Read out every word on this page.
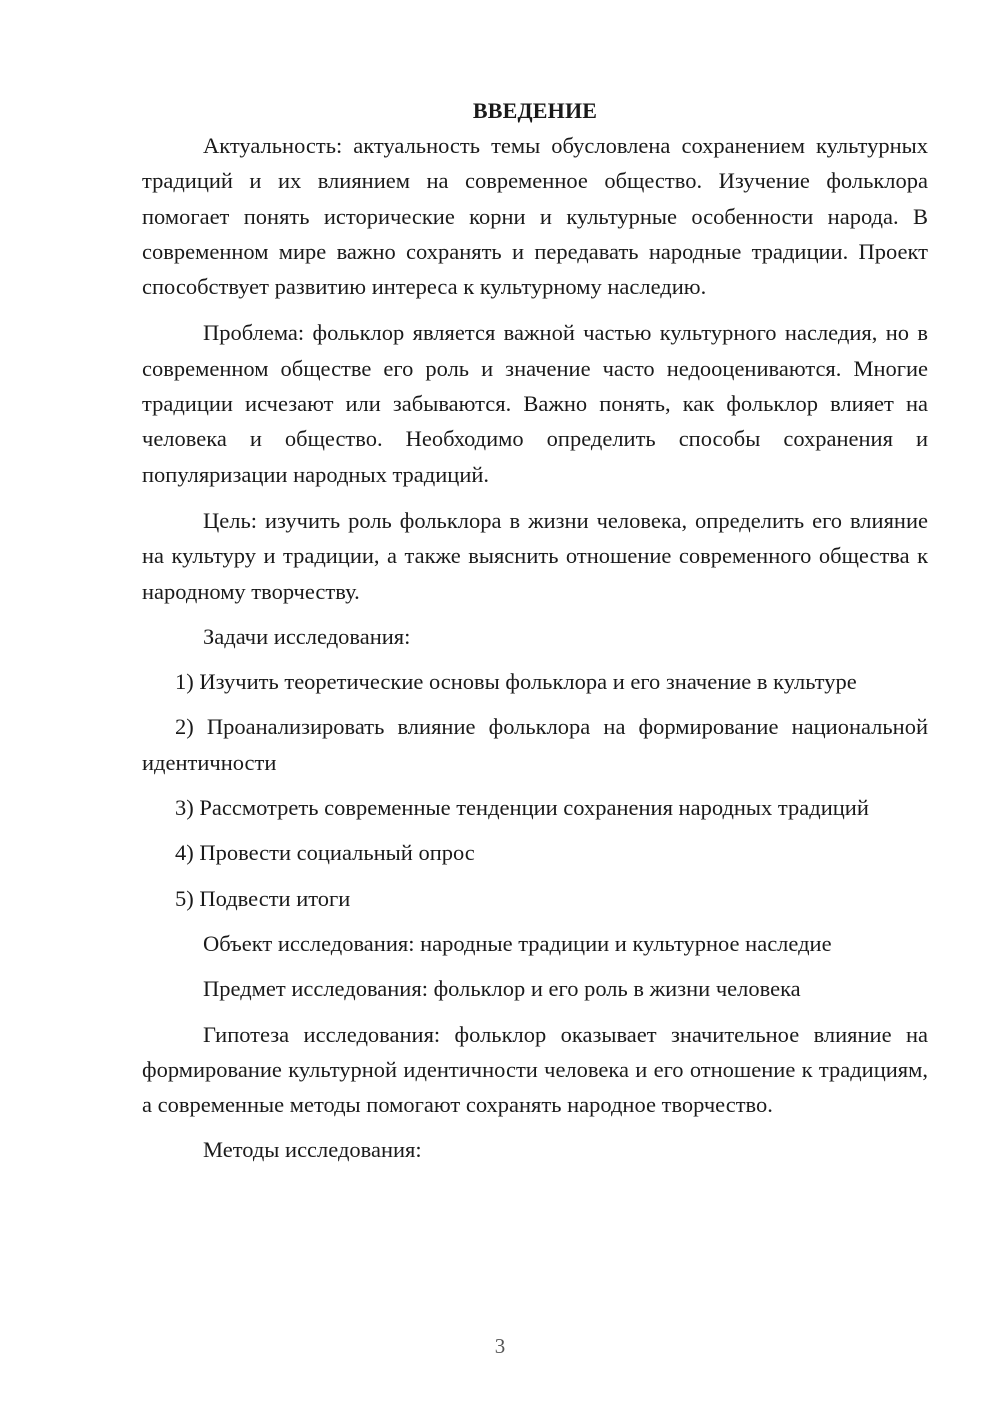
ВВЕДЕНИЕ

Актуальность: актуальность темы обусловлена сохранением культурных традиций и их влиянием на современное общество. Изучение фольклора помогает понять исторические корни и культурные особенности народа. В современном мире важно сохранять и передавать народные традиции. Проект способствует развитию интереса к культурному наследию.

Проблема: фольклор является важной частью культурного наследия, но в современном обществе его роль и значение часто недооцениваются. Многие традиции исчезают или забываются. Важно понять, как фольклор влияет на человека и общество. Необходимо определить способы сохранения и популяризации народных традиций.

Цель: изучить роль фольклора в жизни человека, определить его влияние на культуру и традиции, а также выяснить отношение современного общества к народному творчеству.

Задачи исследования:

1) Изучить теоретические основы фольклора и его значение в культуре

2) Проанализировать влияние фольклора на формирование национальной идентичности

3) Рассмотреть современные тенденции сохранения народных традиций

4) Провести социальный опрос

5) Подвести итоги

Объект исследования: народные традиции и культурное наследие

Предмет исследования: фольклор и его роль в жизни человека

Гипотеза исследования: фольклор оказывает значительное влияние на формирование культурной идентичности человека и его отношение к традициям, а современные методы помогают сохранять народное творчество.

Методы исследования:

3
